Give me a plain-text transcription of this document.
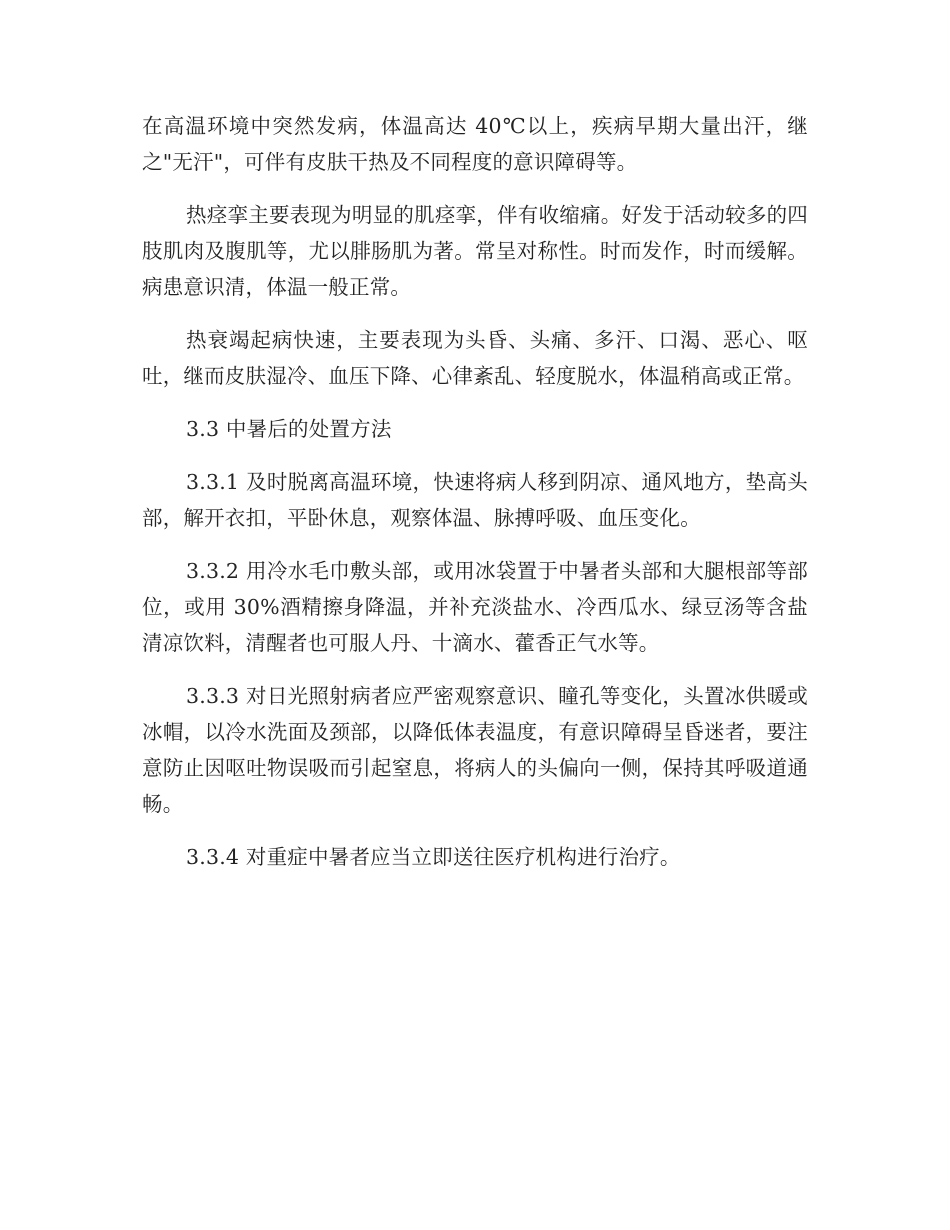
在高温环境中突然发病，体温高达 40℃以上，疾病早期大量出汗，继之"无汗"，可伴有皮肤干热及不同程度的意识障碍等。

热痉挛主要表现为明显的肌痉挛，伴有收缩痛。好发于活动较多的四肢肌肉及腹肌等，尤以腓肠肌为著。常呈对称性。时而发作，时而缓解。病患意识清，体温一般正常。

热衰竭起病快速，主要表现为头昏、头痛、多汗、口渴、恶心、呕吐，继而皮肤湿冷、血压下降、心律紊乱、轻度脱水，体温稍高或正常。

3.3 中暑后的处置方法

3.3.1 及时脱离高温环境，快速将病人移到阴凉、通风地方，垫高头部，解开衣扣，平卧休息，观察体温、脉搏呼吸、血压变化。

3.3.2 用冷水毛巾敷头部，或用冰袋置于中暑者头部和大腿根部等部位，或用 30%酒精擦身降温，并补充淡盐水、冷西瓜水、绿豆汤等含盐清凉饮料，清醒者也可服人丹、十滴水、藿香正气水等。

3.3.3 对日光照射病者应严密观察意识、瞳孔等变化，头置冰供暖或冰帽，以冷水洗面及颈部，以降低体表温度，有意识障碍呈昏迷者，要注意防止因呕吐物误吸而引起窒息，将病人的头偏向一侧，保持其呼吸道通畅。

3.3.4 对重症中暑者应当立即送往医疗机构进行治疗。
